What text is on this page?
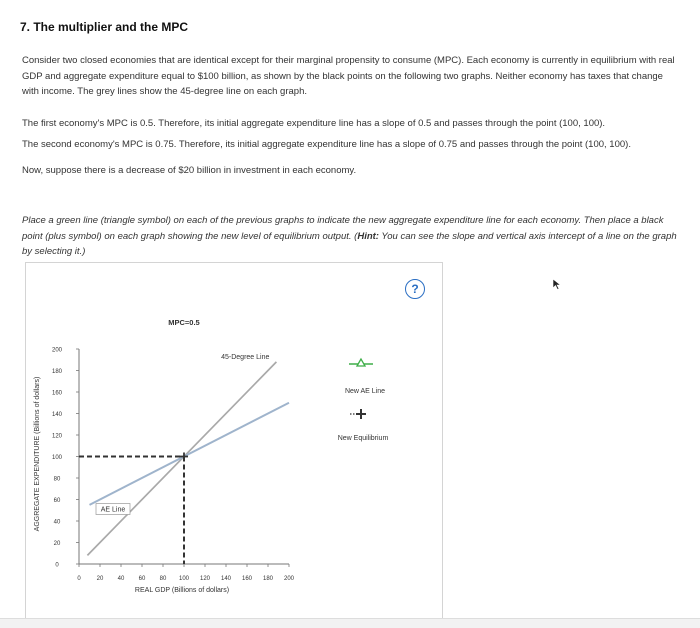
7. The multiplier and the MPC
Consider two closed economies that are identical except for their marginal propensity to consume (MPC). Each economy is currently in equilibrium with real GDP and aggregate expenditure equal to $100 billion, as shown by the black points on the following two graphs. Neither economy has taxes that change with income. The grey lines show the 45-degree line on each graph.
The first economy's MPC is 0.5. Therefore, its initial aggregate expenditure line has a slope of 0.5 and passes through the point (100, 100).
The second economy's MPC is 0.75. Therefore, its initial aggregate expenditure line has a slope of 0.75 and passes through the point (100, 100).
Now, suppose there is a decrease of $20 billion in investment in each economy.
Place a green line (triangle symbol) on each of the previous graphs to indicate the new aggregate expenditure line for each economy. Then place a black point (plus symbol) on each graph showing the new level of equilibrium output. (Hint: You can see the slope and vertical axis intercept of a line on the graph by selecting it.)
MPC=0.5
AGGREGATE EXPENDITURE (Billions of dollars)
REAL GDP (Billions of dollars)
0
20
40
60
80
100
120
140
160
180
200
0	20 40 60 80 100 120 140 160 180 200
45-Degree Line
AE Line
New AE Line
New Equilibrium
?
